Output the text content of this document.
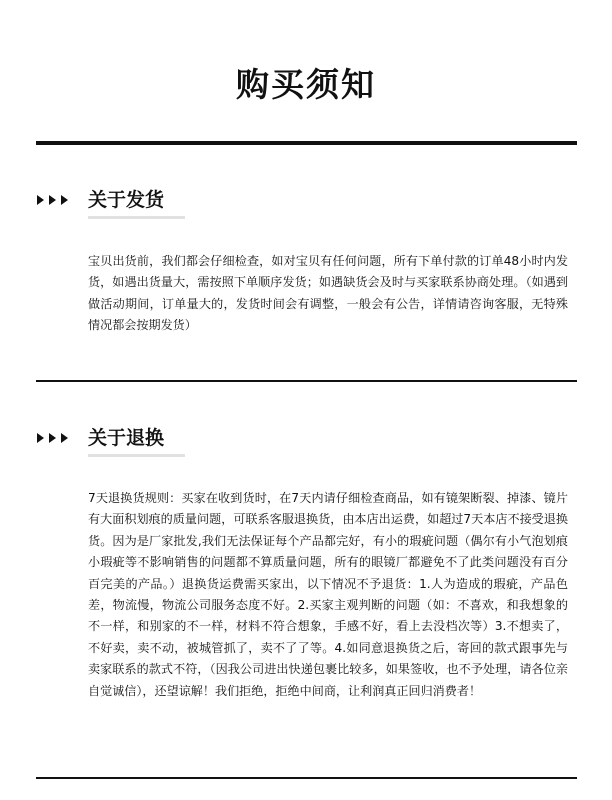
购买须知
关于发货

宝贝出货前，我们都会仔细检查，如对宝贝有任何问题，所有下单付款的订单48小时内发货，如遇出货量大，需按照下单顺序发货；如遇缺货会及时与买家联系协商处理。（如遇到做活动期间，订单量大的，发货时间会有调整，一般会有公告，详情请咨询客服，无特殊情况都会按期发货）

关于退换

7天退换货规则：买家在收到货时，在7天内请仔细检查商品，如有镜架断裂、掉漆、镜片有大面积划痕的质量问题，可联系客服退换货，由本店出运费，如超过7天本店不接受退换货。因为是厂家批发,我们无法保证每个产品都完好，有小的瑕疵问题（偶尔有小气泡划痕小瑕疵等不影响销售的问题都不算质量问题，所有的眼镜厂都避免不了此类问题没有百分百完美的产品。）退换货运费需买家出，以下情况不予退货：1.人为造成的瑕疵，产品色差，物流慢，物流公司服务态度不好。2.买家主观判断的问题（如：不喜欢，和我想象的不一样，和别家的不一样，材料不符合想象，手感不好，看上去没档次等）3.不想卖了，不好卖，卖不动，被城管抓了，卖不了了等。4.如同意退换货之后，寄回的款式跟事先与卖家联系的款式不符，（因我公司进出快递包裹比较多，如果签收，也不予处理，请各位亲自觉诚信），还望谅解！我们拒绝，拒绝中间商，让利润真正回归消费者！
